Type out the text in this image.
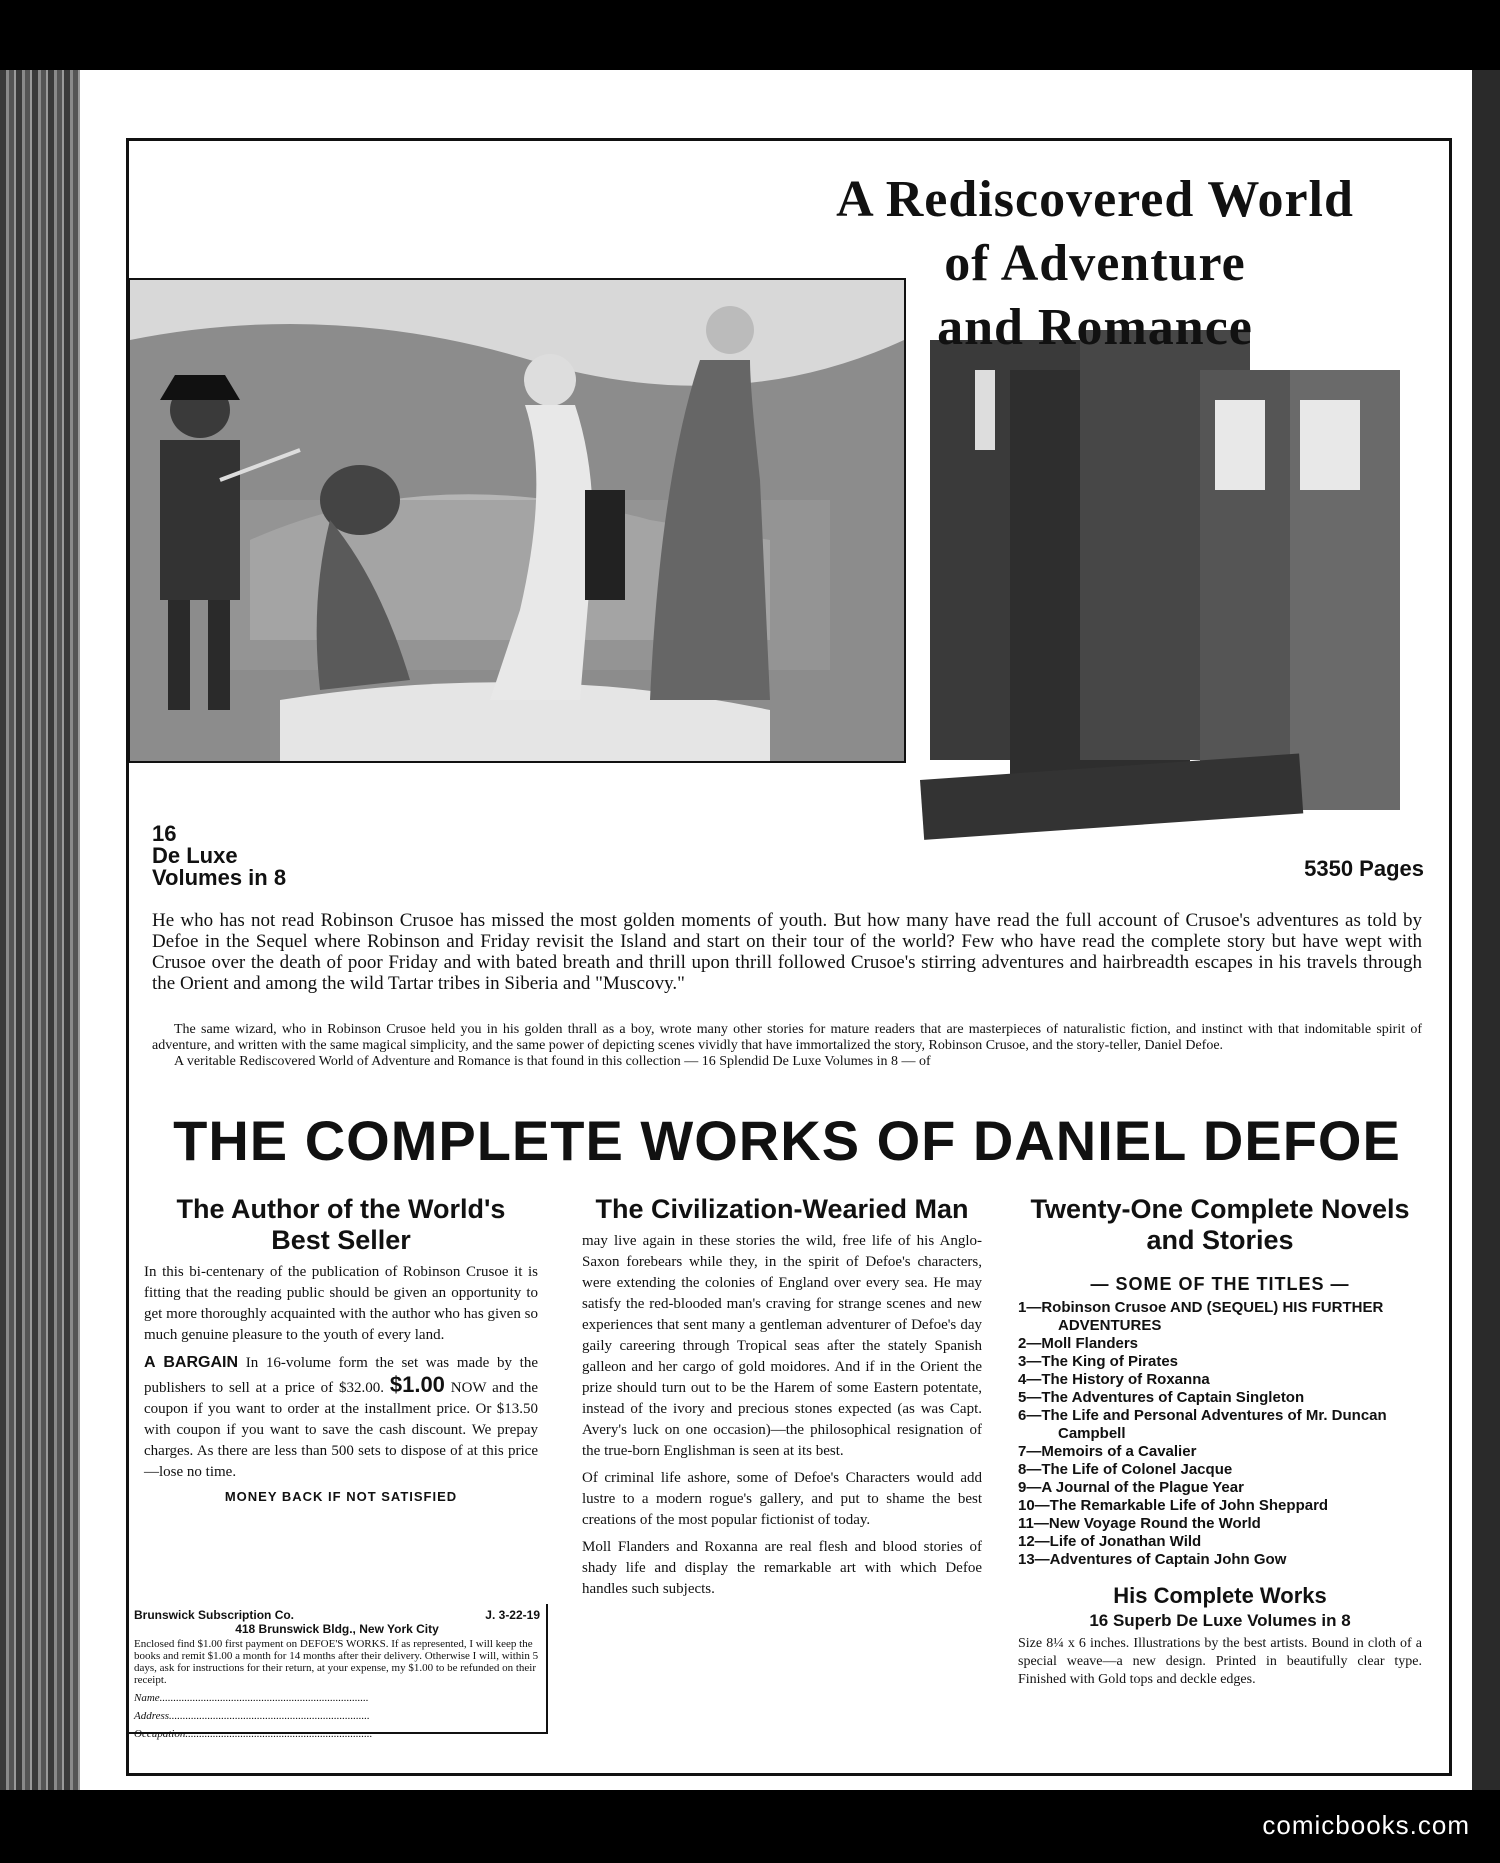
A Rediscovered World
of Adventure
and Romance
16
De Luxe
Volumes in 8	5350 Pages
He who has not read Robinson Crusoe has missed the most golden moments of youth. But how many have read the full account of Crusoe's adventures as told by Defoe in the Sequel where Robinson and Friday revisit the Island and start on their tour of the world? Few who have read the complete story but have wept with Crusoe over the death of poor Friday and with bated breath and thrill upon thrill followed Crusoe's stirring adventures and hairbreadth escapes in his travels through the Orient and among the wild Tartar tribes in Siberia and "Muscovy."

The same wizard, who in Robinson Crusoe held you in his golden thrall as a boy, wrote many other stories for mature readers that are masterpieces of naturalistic fiction, and instinct with that indomitable spirit of adventure, and written with the same magical simplicity, and the same power of depicting scenes vividly that have immortalized the story, Robinson Crusoe, and the story-teller, Daniel Defoe.

A veritable Rediscovered World of Adventure and Romance is that found in this collection — 16 Splendid De Luxe Volumes in 8 — of

THE COMPLETE WORKS OF DANIEL DEFOE
The Author of the World's Best Seller

In this bi-centenary of the publication of Robinson Crusoe it is fitting that the reading public should be given an opportunity to get more thoroughly acquainted with the author who has given so much genuine pleasure to the youth of every land.

A BARGAIN In 16-volume form the set was made by the publishers to sell at a price of $32.00. $1.00 NOW and the coupon if you want to order at the installment price. Or $13.50 with coupon if you want to save the cash discount. We prepay charges. As there are less than 500 sets to dispose of at this price—lose no time.

MONEY BACK IF NOT SATISFIED
Brunswick Subscription Co.	J. 3-22-19
418 Brunswick Bldg., New York City
Enclosed find $1.00 first payment on DEFOE'S WORKS. If as represented, I will keep the books and remit $1.00 a month for 14 months after their delivery. Otherwise I will, within 5 days, ask for instructions for their return, at your expense, my $1.00 to be refunded on their receipt.
Name............................................................................
Address.........................................................................
Occupation....................................................................
The Civilization-Wearied Man

may live again in these stories the wild, free life of his Anglo-Saxon forebears while they, in the spirit of Defoe's characters, were extending the colonies of England over every sea. He may satisfy the red-blooded man's craving for strange scenes and new experiences that sent many a gentleman adventurer of Defoe's day gaily careering through Tropical seas after the stately Spanish galleon and her cargo of gold moidores. And if in the Orient the prize should turn out to be the Harem of some Eastern potentate, instead of the ivory and precious stones expected (as was Capt. Avery's luck on one occasion)—the philosophical resignation of the true-born Englishman is seen at its best.

Of criminal life ashore, some of Defoe's Characters would add lustre to a modern rogue's gallery, and put to shame the best creations of the most popular fictionist of today.

Moll Flanders and Roxanna are real flesh and blood stories of shady life and display the remarkable art with which Defoe handles such subjects.

Twenty-One Complete Novels and Stories
— SOME OF THE TITLES —
1—Robinson Crusoe AND (SEQUEL) HIS FURTHER ADVENTURES
2—Moll Flanders
3—The King of Pirates
4—The History of Roxanna
5—The Adventures of Captain Singleton
6—The Life and Personal Adventures of Mr. Duncan Campbell
7—Memoirs of a Cavalier
8—The Life of Colonel Jacque
9—A Journal of the Plague Year
10—The Remarkable Life of John Sheppard
11—New Voyage Round the World
12—Life of Jonathan Wild
13—Adventures of Captain John Gow
His Complete Works
16 Superb De Luxe Volumes in 8

Size 8¼ x 6 inches. Illustrations by the best artists. Bound in cloth of a special weave—a new design. Printed in beautifully clear type. Finished with Gold tops and deckle edges.

comicbooks.com
